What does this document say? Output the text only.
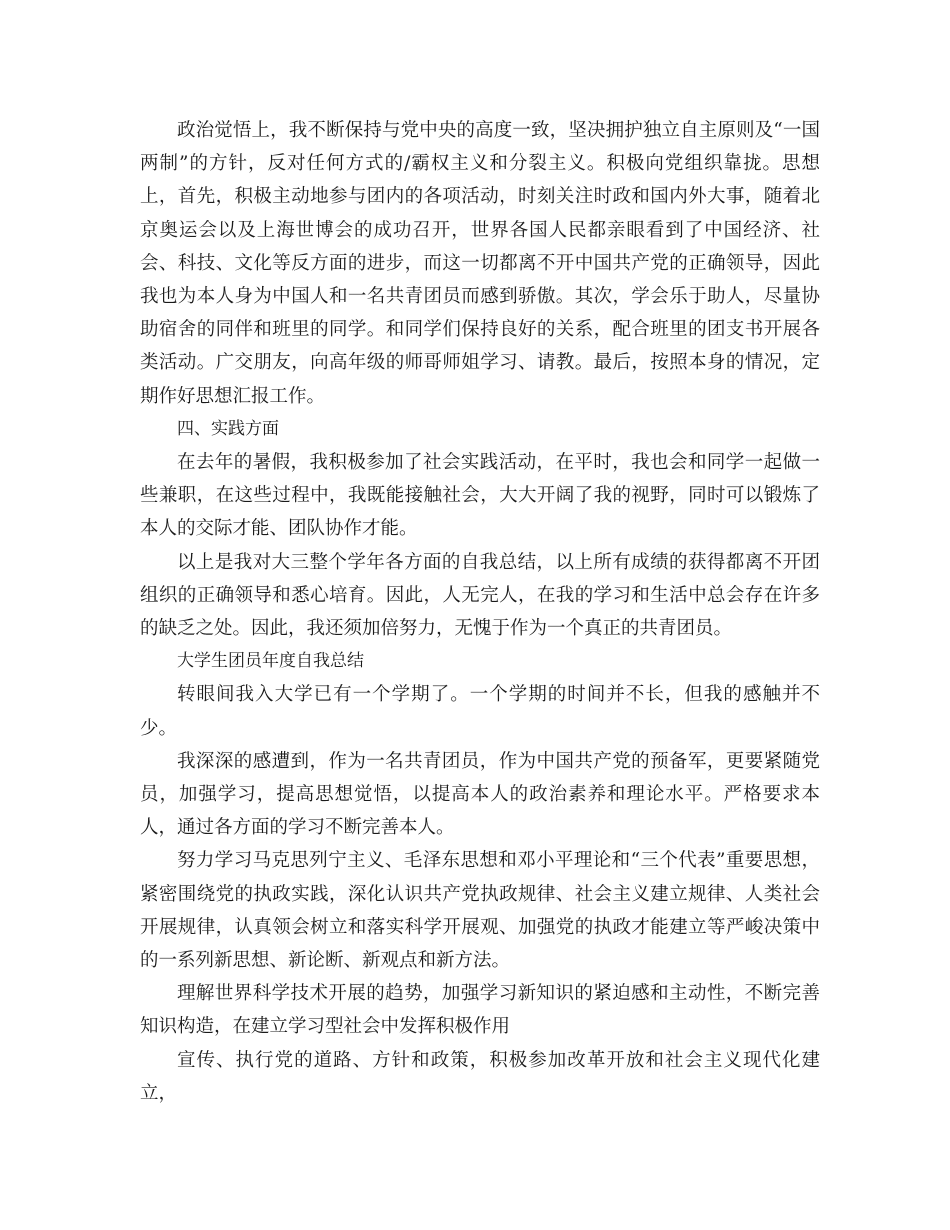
政治觉悟上，我不断保持与党中央的高度一致，坚决拥护独立自主原则及“一国两制”的方针，反对任何方式的/霸权主义和分裂主义。积极向党组织靠拢。思想上，首先，积极主动地参与团内的各项活动，时刻关注时政和国内外大事，随着北京奥运会以及上海世博会的成功召开，世界各国人民都亲眼看到了中国经济、社会、科技、文化等反方面的进步，而这一切都离不开中国共产党的正确领导，因此我也为本人身为中国人和一名共青团员而感到骄傲。其次，学会乐于助人，尽量协助宿舍的同伴和班里的同学。和同学们保持良好的关系，配合班里的团支书开展各类活动。广交朋友，向高年级的师哥师姐学习、请教。最后，按照本身的情况，定期作好思想汇报工作。

四、实践方面

在去年的暑假，我积极参加了社会实践活动，在平时，我也会和同学一起做一些兼职，在这些过程中，我既能接触社会，大大开阔了我的视野，同时可以锻炼了本人的交际才能、团队协作才能。

以上是我对大三整个学年各方面的自我总结，以上所有成绩的获得都离不开团组织的正确领导和悉心培育。因此，人无完人，在我的学习和生活中总会存在许多的缺乏之处。因此，我还须加倍努力，无愧于作为一个真正的共青团员。

大学生团员年度自我总结

转眼间我入大学已有一个学期了。一个学期的时间并不长，但我的感触并不少。

我深深的感遭到，作为一名共青团员，作为中国共产党的预备军，更要紧随党员，加强学习，提高思想觉悟，以提高本人的政治素养和理论水平。严格要求本人，通过各方面的学习不断完善本人。

努力学习马克思列宁主义、毛泽东思想和邓小平理论和“三个代表”重要思想，紧密围绕党的执政实践，深化认识共产党执政规律、社会主义建立规律、人类社会开展规律，认真领会树立和落实科学开展观、加强党的执政才能建立等严峻决策中的一系列新思想、新论断、新观点和新方法。

理解世界科学技术开展的趋势，加强学习新知识的紧迫感和主动性，不断完善知识构造，在建立学习型社会中发挥积极作用

宣传、执行党的道路、方针和政策，积极参加改革开放和社会主义现代化建立，
